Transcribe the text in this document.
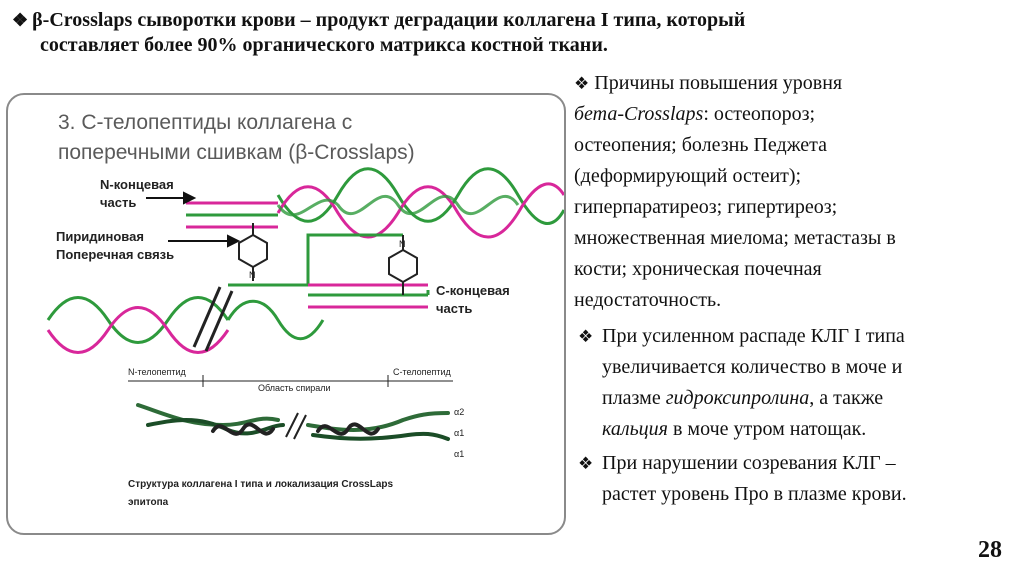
❖ β-Crosslaps сыворотки крови – продукт деградации коллагена I типа, который
составляет более 90% органического матрикса костной ткани.
3. С-телопептиды коллагена с
поперечными сшивкам (β-Crosslaps)
N
N
N-концевая
часть
Пиридиновая
Поперечная связь
С-концевая
часть
N-телопептид
Область спирали
C-телопептид
α2
α1
α1
Структура коллагена I типа и локализация CrossLaps
эпитопа

❖ Причины повышения уровня

бета-Crosslaps: остеопороз;

остеопения; болезнь Педжета

(деформирующий остеит);

гиперпаратиреоз; гипертиреоз;

множественная миелома; метастазы в

кости; хроническая почечная

недостаточность.

❖ При усиленном распаде КЛГ I типа
увеличивается количество в моче и
плазме гидроксипролина, а также
кальция в моче утром натощак.
❖ При нарушении созревания КЛГ –
растет уровень Про в плазме крови.
28
